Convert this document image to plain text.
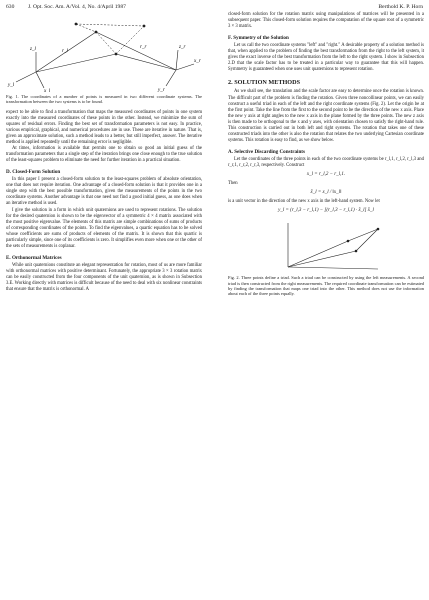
630 J. Opt. Soc. Am. A/Vol. 4, No. 4/April 1987	Berthold K. P. Horn
r_l
r_r
y_l
z_l
x_l	y_r
z_r
x_r

Fig. 1. The coordinates of a number of points is measured in two different coordinate systems. The transformation between the two systems is to be found.

expect to be able to find a transformation that maps the measured coordinates of points in one system exactly into the measured coordinates of these points in the other. Instead, we minimize the sum of squares of residual errors. Finding the best set of transformation parameters is not easy. In practice, various empirical, graphical, and numerical procedures are in use. These are iterative in nature. That is, given an approximate solution, such a method leads to a better, but still imperfect, answer. The iterative method is applied repeatedly until the remaining error is negligible.

At times, information is available that permits one to obtain so good an initial guess of the transformation parameters that a single step of the iteration brings one close enough to the true solution of the least-squares problem to eliminate the need for further iteration in a practical situation.

D. Closed-Form Solution

In this paper I present a closed-form solution to the least-squares problem of absolute orientation, one that does not require iteration. One advantage of a closed-form solution is that it provides one in a single step with the best possible transformation, given the measurements of the points in the two coordinate systems. Another advantage is that one need not find a good initial guess, as one does when an iterative method is used.

I give the solution in a form in which unit quaternions are used to represent rotations. The solution for the desired quaternion is shown to be the eigenvector of a symmetric 4 × 4 matrix associated with the most positive eigenvalue. The elements of this matrix are simple combinations of sums of products of corresponding coordinates of the points. To find the eigenvalues, a quartic equation has to be solved whose coefficients are sums of products of elements of the matrix. It is shown that this quartic is particularly simple, since one of its coefficients is zero. It simplifies even more when one or the other of the sets of measurements is coplanar.

E. Orthonormal Matrices

While unit quaternions constitute an elegant representation for rotation, most of us are more familiar with orthonormal matrices with positive determinant. Fortunately, the appropriate 3 × 3 rotation matrix can be easily constructed from the four components of the unit quaternion, as is shown in Subsection 3.E. Working directly with matrices is difficult because of the need to deal with six nonlinear constraints that ensure that the matrix is orthonormal. A

closed-form solution for the rotation matrix using manipulations of matrices will be presented in a subsequent paper. This closed-form solution requires the computation of the square root of a symmetric 3 × 3 matrix.

F. Symmetry of the Solution

Let us call the two coordinate systems "left" and "right." A desirable property of a solution method is that, when applied to the problem of finding the best transformation from the right to the left system, it gives the exact inverse of the best transformation from the left to the right system. I show in Subsection 2.D that the scale factor has to be treated in a particular way to guarantee that this will happen. Symmetry is guaranteed when one uses unit quaternions to represent rotation.

2. SOLUTION METHODS

As we shall see, the translation and the scale factor are easy to determine once the rotation is known. The difficult part of the problem is finding the rotation. Given three noncollinear points, we can easily construct a useful triad in each of the left and the right coordinate systems (Fig. 2). Let the origin be at the first point. Take the line from the first to the second point to be the direction of the new x axis. Place the new y axis at right angles to the new x axis in the plane formed by the three points. The new z axis is then made to be orthogonal to the x and y axes, with orientation chosen to satisfy the right-hand rule. This construction is carried out in both left and right systems. The rotation that takes one of these constructed triads into the other is also the rotation that relates the two underlying Cartesian coordinate systems. This rotation is easy to find, as we show below.

A. Selective Discarding Constraints

Let the coordinates of the three points in each of the two coordinate systems be r_l,1, r_l,2, r_l,3 and r_r,1, r_r,2, r_r,3, respectively. Construct

x_l = r_l,2 − r_l,1.

Then

x̂_l = x_l / ‖x_l‖

is a unit vector in the direction of the new x axis in the left-hand system. Now let

y_l = (r_l,3 − r_l,1) − [(r_l,3 − r_l,1) · x̂_l] x̂_l

Fig. 2. Three points define a triad. Such a triad can be constructed by using the left measurements. A second triad is then constructed from the right measurements. The required coordinate transformation can be estimated by finding the transformation that maps one triad into the other. This method does not use the information about each of the three points equally.
